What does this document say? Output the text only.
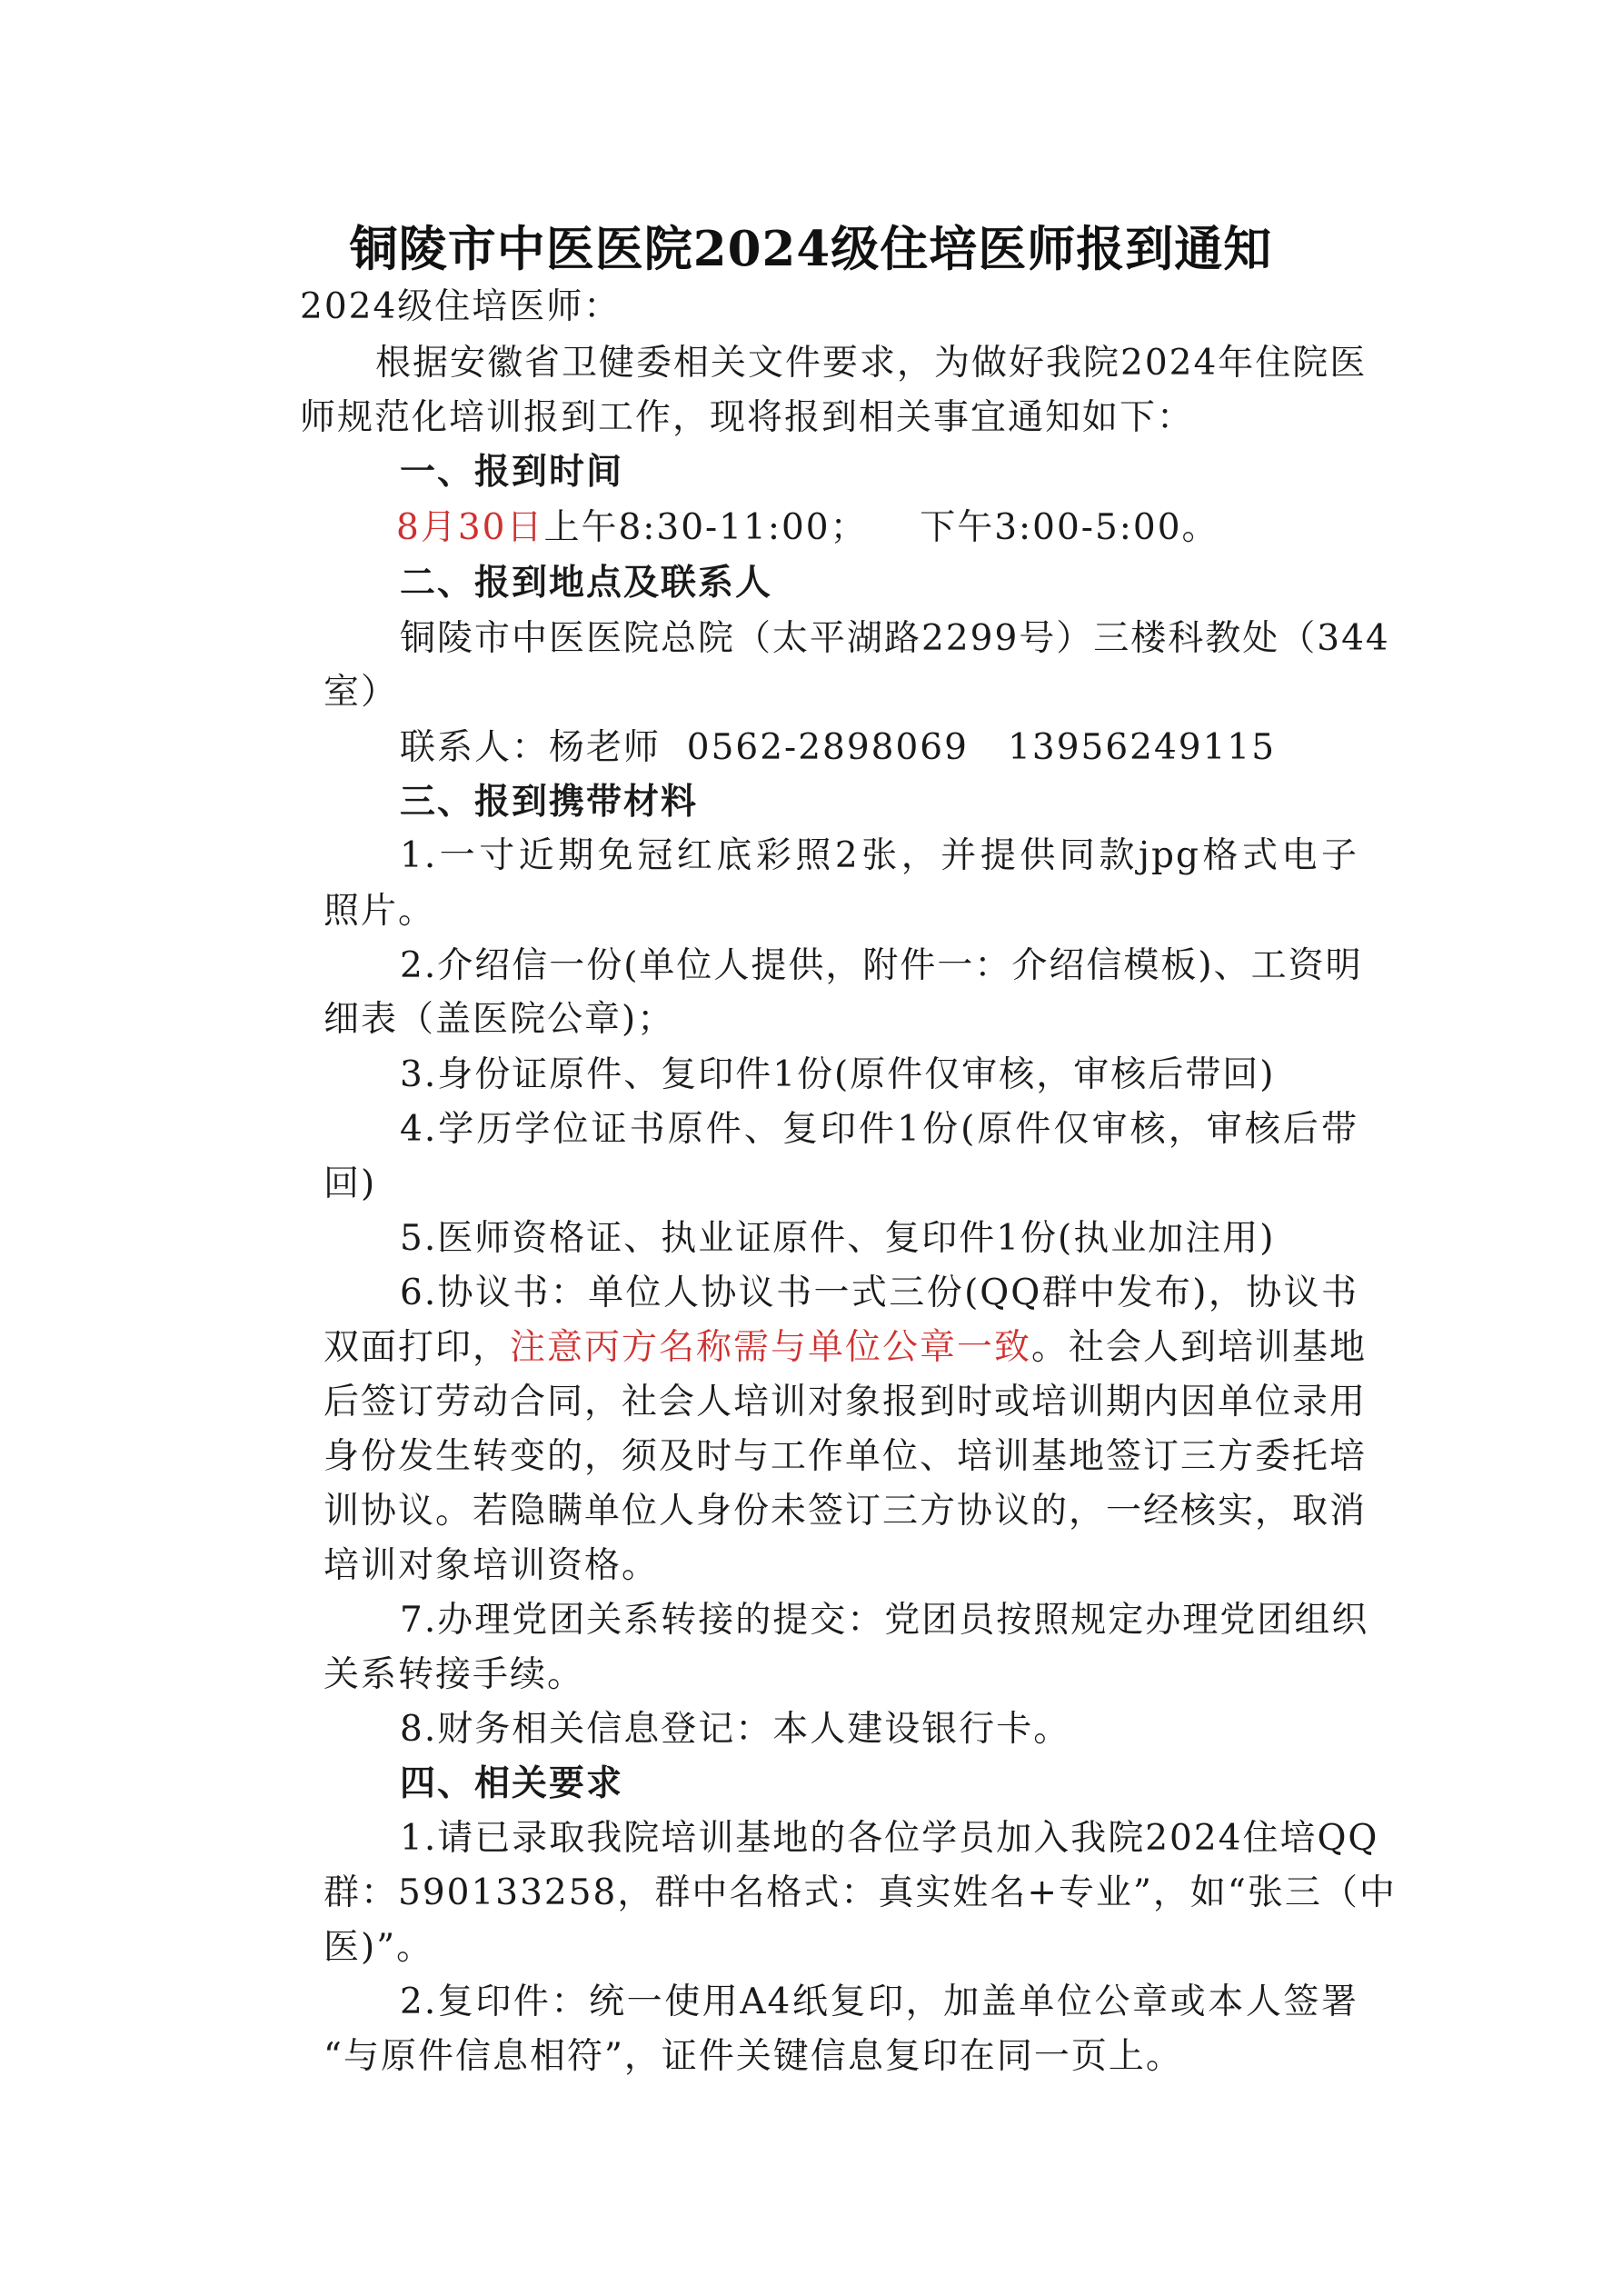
铜陵市中医医院2024级住培医师报到通知
2024级住培医师：
根据安徽省卫健委相关文件要求，为做好我院2024年住院医
师规范化培训报到工作，现将报到相关事宜通知如下：
一、报到时间
8月30日上午8:30-11:00；    下午3:00-5:00。
二、报到地点及联系人
铜陵市中医医院总院（太平湖路2299号）三楼科教处（344
室）
联系人：杨老师  0562-2898069   13956249115
三、报到携带材料
1.一寸近期免冠红底彩照2张，并提供同款jpg格式电子
照片。
2.介绍信一份(单位人提供，附件一：介绍信模板)、工资明
细表（盖医院公章)；
3.身份证原件、复印件1份(原件仅审核，审核后带回)
4.学历学位证书原件、复印件1份(原件仅审核，审核后带
回)
5.医师资格证、执业证原件、复印件1份(执业加注用)
6.协议书：单位人协议书一式三份(QQ群中发布)，协议书
双面打印，注意丙方名称需与单位公章一致。社会人到培训基地
后签订劳动合同，社会人培训对象报到时或培训期内因单位录用
身份发生转变的，须及时与工作单位、培训基地签订三方委托培
训协议。若隐瞒单位人身份未签订三方协议的，一经核实，取消
培训对象培训资格。
7.办理党团关系转接的提交：党团员按照规定办理党团组织
关系转接手续。
8.财务相关信息登记：本人建设银行卡。
四、相关要求
1.请已录取我院培训基地的各位学员加入我院2024住培QQ
群：590133258，群中名格式：真实姓名+专业”，如“张三（中
医)”。
2.复印件：统一使用A4纸复印，加盖单位公章或本人签署
“与原件信息相符”，证件关键信息复印在同一页上。
